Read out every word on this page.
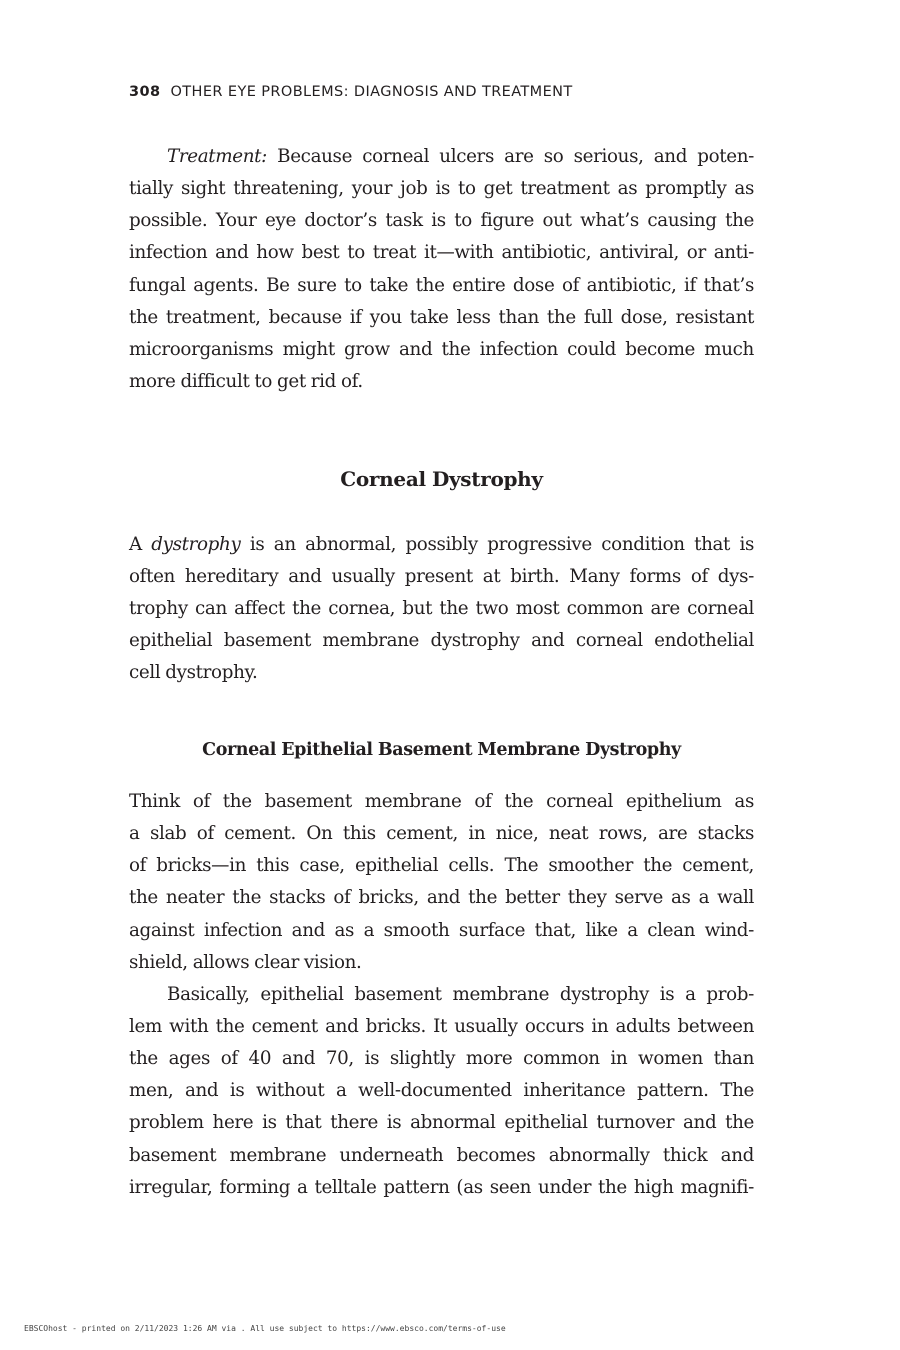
308 OTHER EYE PROBLEMS: DIAGNOSIS AND TREATMENT
Treatment: Because corneal ulcers are so serious, and poten-
tially sight threatening, your job is to get treatment as promptly as
possible. Your eye doctor’s task is to figure out what’s causing the
infection and how best to treat it—with antibiotic, antiviral, or anti-
fungal agents. Be sure to take the entire dose of antibiotic, if that’s
the treatment, because if you take less than the full dose, resistant
microorganisms might grow and the infection could become much
more difficult to get rid of.
Corneal Dystrophy
A dystrophy is an abnormal, possibly progressive condition that is
often hereditary and usually present at birth. Many forms of dys-
trophy can affect the cornea, but the two most common are corneal
epithelial basement membrane dystrophy and corneal endothelial
cell dystrophy.
Corneal Epithelial Basement Membrane Dystrophy
Think of the basement membrane of the corneal epithelium as
a slab of cement. On this cement, in nice, neat rows, are stacks
of bricks—in this case, epithelial cells. The smoother the cement,
the neater the stacks of bricks, and the better they serve as a wall
against infection and as a smooth surface that, like a clean wind-
shield, allows clear vision.
Basically, epithelial basement membrane dystrophy is a prob-
lem with the cement and bricks. It usually occurs in adults between
the ages of 40 and 70, is slightly more common in women than
men, and is without a well-documented inheritance pattern. The
problem here is that there is abnormal epithelial turnover and the
basement membrane underneath becomes abnormally thick and
irregular, forming a telltale pattern (as seen under the high magnifi-
EBSCOhost - printed on 2/11/2023 1:26 AM via . All use subject to https://www.ebsco.com/terms-of-use
